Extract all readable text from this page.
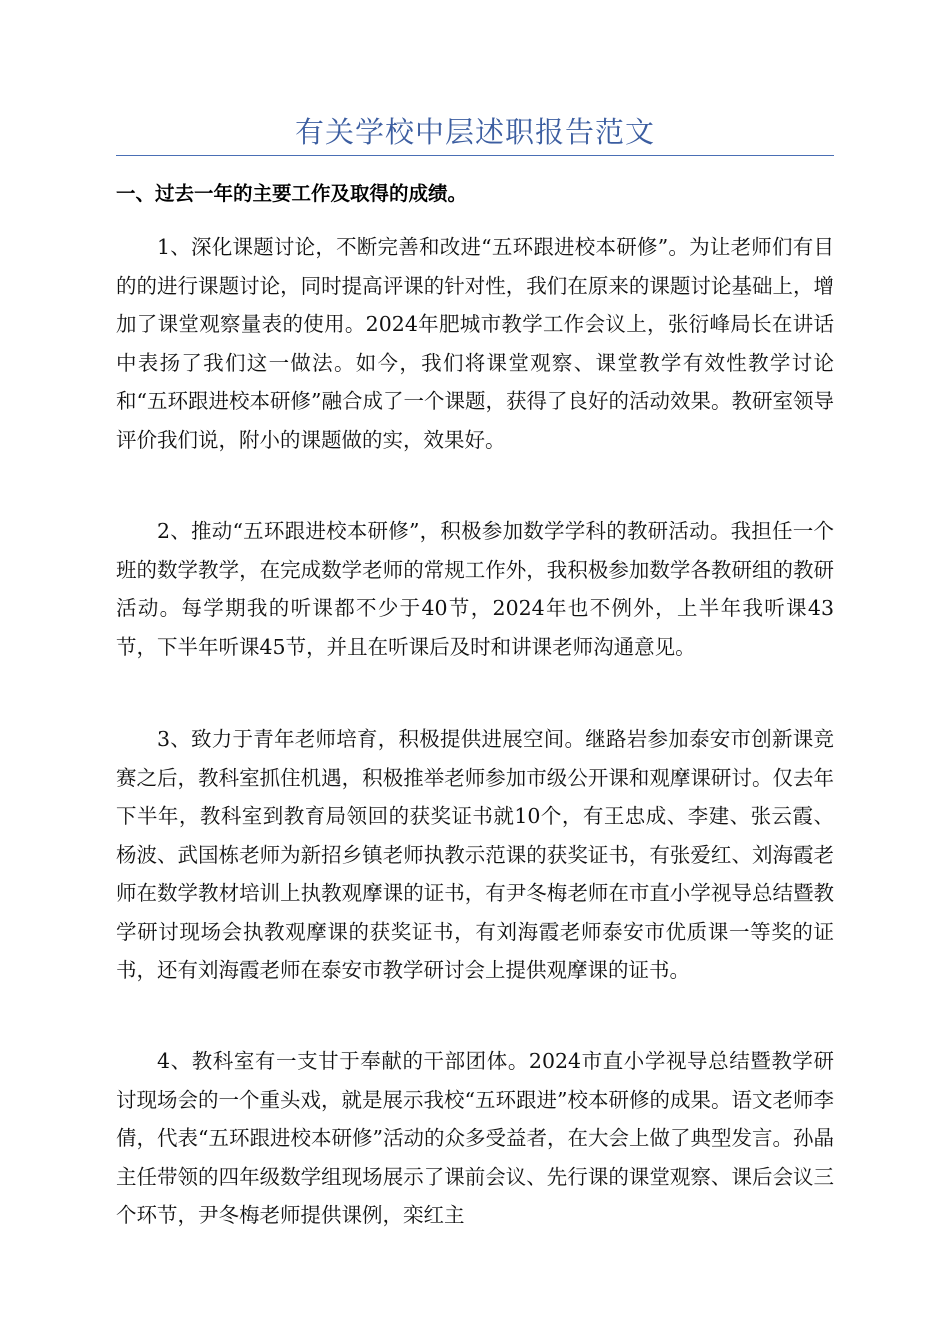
有关学校中层述职报告范文
一、过去一年的主要工作及取得的成绩。

1、深化课题讨论，不断完善和改进“五环跟进校本研修”。为让老师们有目的的进行课题讨论，同时提高评课的针对性，我们在原来的课题讨论基础上，增加了课堂观察量表的使用。2024年肥城市教学工作会议上，张衍峰局长在讲话中表扬了我们这一做法。如今，我们将课堂观察、课堂教学有效性教学讨论和“五环跟进校本研修”融合成了一个课题，获得了良好的活动效果。教研室领导评价我们说，附小的课题做的实，效果好。

2、推动“五环跟进校本研修”，积极参加数学学科的教研活动。我担任一个班的数学教学，在完成数学老师的常规工作外，我积极参加数学各教研组的教研活动。每学期我的听课都不少于40节，2024年也不例外，上半年我听课43节，下半年听课45节，并且在听课后及时和讲课老师沟通意见。

3、致力于青年老师培育，积极提供进展空间。继路岩参加泰安市创新课竞赛之后，教科室抓住机遇，积极推举老师参加市级公开课和观摩课研讨。仅去年下半年，教科室到教育局领回的获奖证书就10个，有王忠成、李建、张云霞、杨波、武国栋老师为新招乡镇老师执教示范课的获奖证书，有张爱红、刘海霞老师在数学教材培训上执教观摩课的证书，有尹冬梅老师在市直小学视导总结暨教学研讨现场会执教观摩课的获奖证书，有刘海霞老师泰安市优质课一等奖的证书，还有刘海霞老师在泰安市教学研讨会上提供观摩课的证书。

4、教科室有一支甘于奉献的干部团体。2024市直小学视导总结暨教学研讨现场会的一个重头戏，就是展示我校“五环跟进”校本研修的成果。语文老师李倩，代表“五环跟进校本研修”活动的众多受益者，在大会上做了典型发言。孙晶主任带领的四年级数学组现场展示了课前会议、先行课的课堂观察、课后会议三个环节，尹冬梅老师提供课例，栾红主
